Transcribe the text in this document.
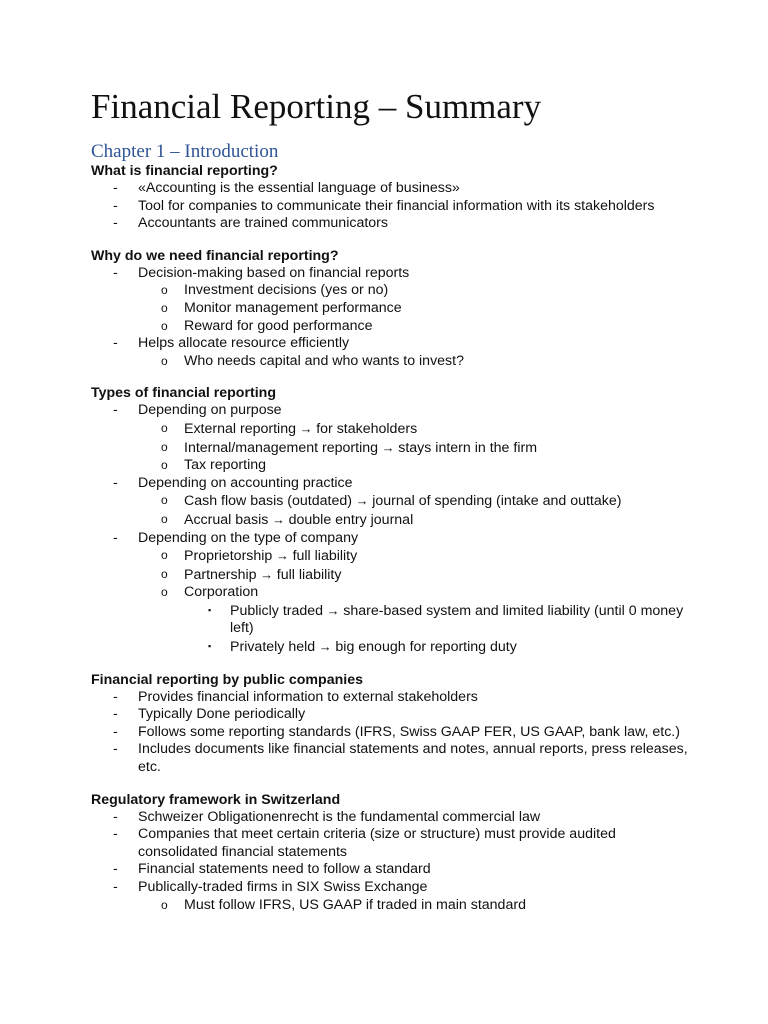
Financial Reporting – Summary
Chapter 1 – Introduction
What is financial reporting?
- «Accounting is the essential language of business»
- Tool for companies to communicate their financial information with its stakeholders
- Accountants are trained communicators
Why do we need financial reporting?
- Decision-making based on financial reports
o Investment decisions (yes or no)
o Monitor management performance
o Reward for good performance
- Helps allocate resource efficiently
o Who needs capital and who wants to invest?
Types of financial reporting
- Depending on purpose
o External reporting → for stakeholders
o Internal/management reporting → stays intern in the firm
o Tax reporting
- Depending on accounting practice
o Cash flow basis (outdated) → journal of spending (intake and outtake)
o Accrual basis → double entry journal
- Depending on the type of company
o Proprietorship → full liability
o Partnership → full liability
o Corporation
▪ Publicly traded → share-based system and limited liability (until 0 money left)
▪ Privately held → big enough for reporting duty
Financial reporting by public companies
- Provides financial information to external stakeholders
- Typically Done periodically
- Follows some reporting standards (IFRS, Swiss GAAP FER, US GAAP, bank law, etc.)
- Includes documents like financial statements and notes, annual reports, press releases, etc.
Regulatory framework in Switzerland
- Schweizer Obligationenrecht is the fundamental commercial law
- Companies that meet certain criteria (size or structure) must provide audited consolidated financial statements
- Financial statements need to follow a standard
- Publically-traded firms in SIX Swiss Exchange
o Must follow IFRS, US GAAP if traded in main standard
